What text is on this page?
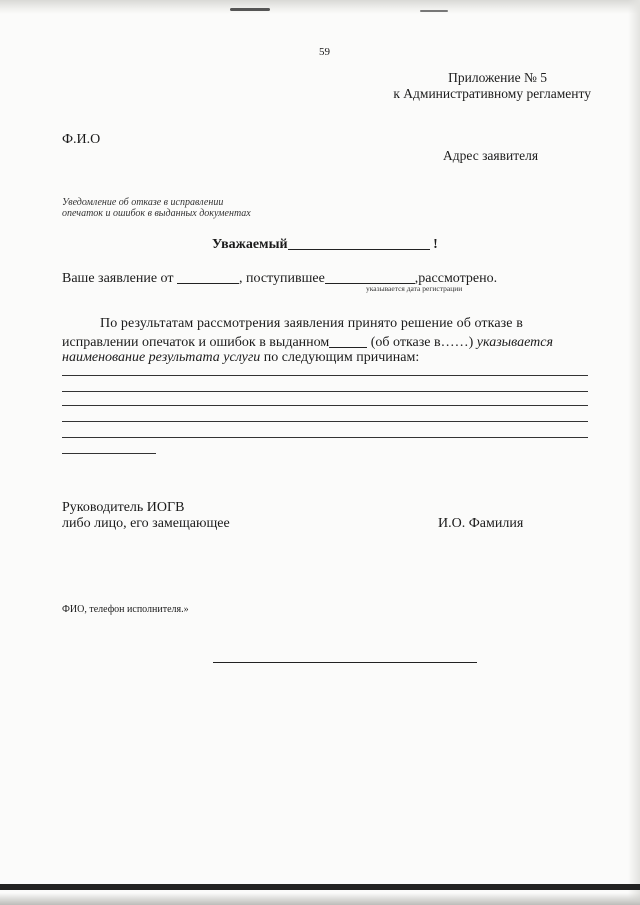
59
Приложение № 5
к Административному регламенту
Ф.И.О
Адрес заявителя
Уведомление об отказе в исправлении
опечаток и ошибок в выданных документах
Уважаемый	!
Ваше заявление от	, поступившее	,рассмотрено.
указывается дата регистрации
По результатам рассмотрения заявления принято решение об отказе в
исправлении опечаток и ошибок в выданном	(об отказе в……) указывается
наименование результата услуги по следующим причинам:
Руководитель ИОГВ
либо лицо, его замещающее	И.О. Фамилия
ФИО, телефон исполнителя.»
